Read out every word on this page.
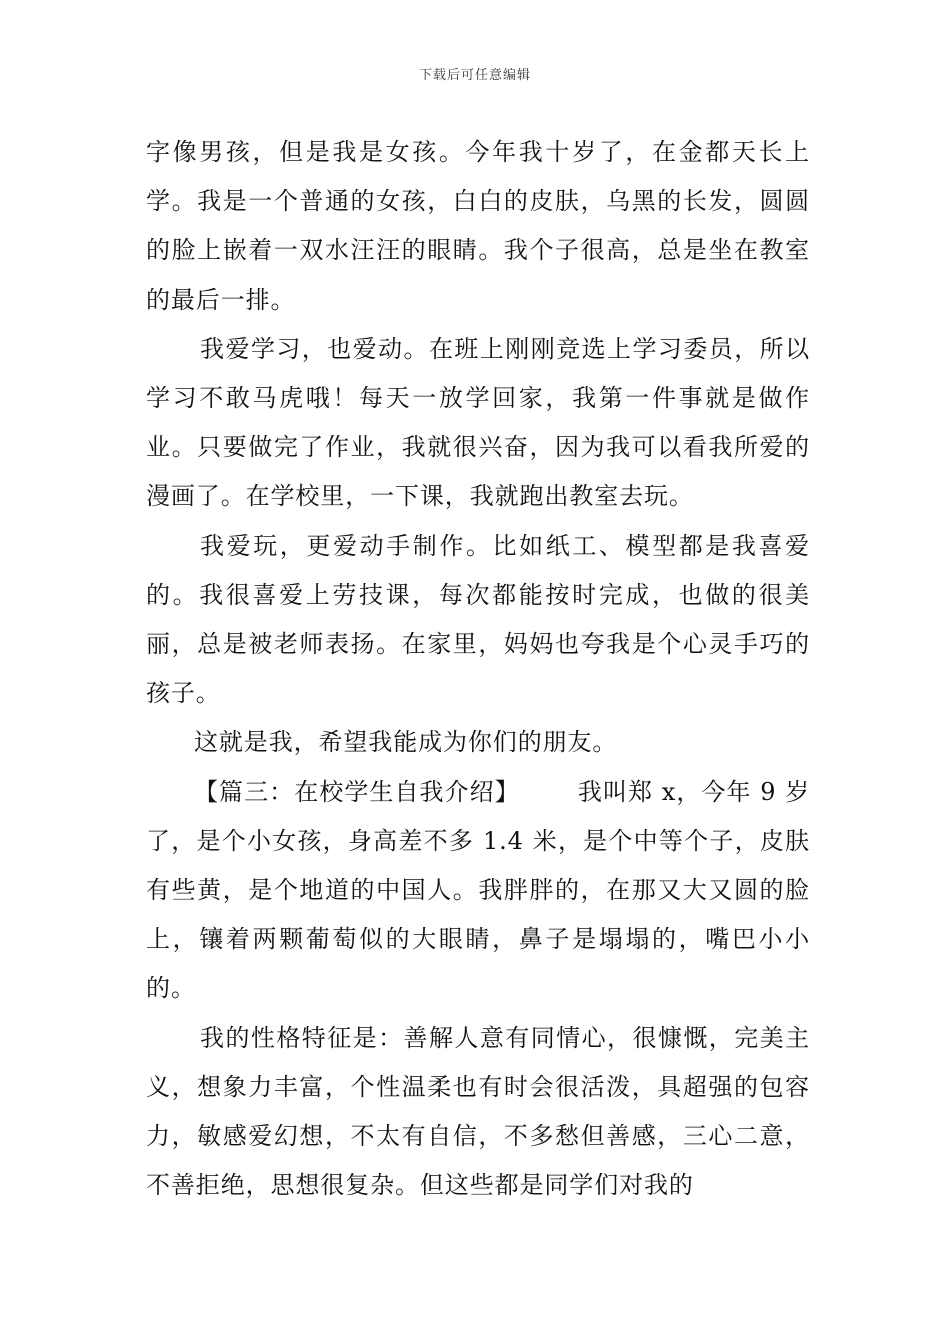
下载后可任意编辑

字像男孩，但是我是女孩。今年我十岁了，在金都天长上学。我是一个普通的女孩，白白的皮肤，乌黑的长发，圆圆的脸上嵌着一双水汪汪的眼睛。我个子很高，总是坐在教室的最后一排。

我爱学习，也爱动。在班上刚刚竞选上学习委员，所以学习不敢马虎哦！每天一放学回家，我第一件事就是做作业。只要做完了作业，我就很兴奋，因为我可以看我所爱的漫画了。在学校里，一下课，我就跑出教室去玩。

我爱玩，更爱动手制作。比如纸工、模型都是我喜爱的。我很喜爱上劳技课，每次都能按时完成，也做的很美丽，总是被老师表扬。在家里，妈妈也夸我是个心灵手巧的孩子。

这就是我，希望我能成为你们的朋友。

【篇三：在校学生自我介绍】 我叫郑 x，今年 9 岁了，是个小女孩，身高差不多 1.4 米，是个中等个子，皮肤有些黄，是个地道的中国人。我胖胖的，在那又大又圆的脸上，镶着两颗葡萄似的大眼睛，鼻子是塌塌的，嘴巴小小的。

我的性格特征是：善解人意有同情心，很慷慨，完美主义，想象力丰富，个性温柔也有时会很活泼，具超强的包容力，敏感爱幻想，不太有自信，不多愁但善感，三心二意，不善拒绝，思想很复杂。但这些都是同学们对我的
